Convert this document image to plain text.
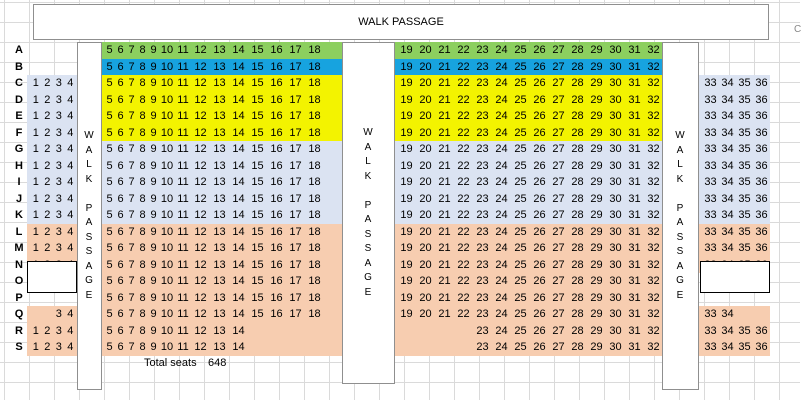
A	5 6 7 8 9 10 11 12 13 14 15 16 17 18	19 20 21 22 23 24 25 26 27 28 29 30 31 32
B	5 6 7 8 9 10 11 12 13 14 15 16 17 18	19 20 21 22 23 24 25 26 27 28 29 30 31 32
C 1 2 3 4	5 6 7 8 9 10 11 12 13 14 15 16 17 18	19 20 21 22 23 24 25 26 27 28 29 30 31 32	33 34 35 36
D 1 2 3 4	5 6 7 8 9 10 11 12 13 14 15 16 17 18	19 20 21 22 23 24 25 26 27 28 29 30 31 32	33 34 35 36
E 1 2 3 4	5 6 7 8 9 10 11 12 13 14 15 16 17 18	19 20 21 22 23 24 25 26 27 28 29 30 31 32	33 34 35 36
F 1 2 3 4	5 6 7 8 9 10 11 12 13 14 15 16 17 18	19 20 21 22 23 24 25 26 27 28 29 30 31 32	33 34 35 36
G 1 2 3 4	5 6 7 8 9 10 11 12 13 14 15 16 17 18	19 20 21 22 23 24 25 26 27 28 29 30 31 32	33 34 35 36
H 1 2 3 4	5 6 7 8 9 10 11 12 13 14 15 16 17 18	19 20 21 22 23 24 25 26 27 28 29 30 31 32	33 34 35 36
I	1 2 3 4	5 6 7 8 9 10 11 12 13 14 15 16 17 18	19 20 21 22 23 24 25 26 27 28 29 30 31 32	33 34 35 36
J 1 2 3 4	5 6 7 8 9 10 11 12 13 14 15 16 17 18	19 20 21 22 23 24 25 26 27 28 29 30 31 32	33 34 35 36
K 1 2 3 4	5 6 7 8 9 10 11 12 13 14 15 16 17 18	19 20 21 22 23 24 25 26 27 28 29 30 31 32	33 34 35 36
L 1 2 3 4	5 6 7 8 9 10 11 12 13 14 15 16 17 18	19 20 21 22 23 24 25 26 27 28 29 30 31 32	33 34 35 36
M 1 2 3 4	5 6 7 8 9 10 11 12 13 14 15 16 17 18	19 20 21 22 23 24 25 26 27 28 29 30 31 32	33 34 35 36
N	5 6 7 8 9 10 11 12 13 14 15 16 17 18	19 20 21 22 23 24 25 26 27 28 29 30 31 32
O	5 6 7 8 9 10 11 12 13 14 15 16 17 18	19 20 21 22 23 24 25 26 27 28 29 30 31 32
P	5 6 7 8 9 10 11 12 13 14 15 16 17 18	19 20 21 22 23 24 25 26 27 28 29 30 31 32
Q	3 4	5 6 7 8 9 10 11 12 13 14 15 16 17 18	19 20 21 22 23 24 25 26 27 28 29 30 31 32	33 34
R 1 2 3 4	5 6 7 8 9 10 11 12 13 14	23 24 25 26 27 28 29 30 31 32	33 34 35 36
S 1 2 3 4	5 6 7 8 9 10 11 12 13 14	23 24 25 26 27 28 29 30 31 32	33 34 35 36
WALK PASSAGE
W
A
L
K

P
A
S
S
A
G
E
W
A
L
K

P
A
S
S
A
G
E
W
A
L
K

P
A
S
S
A
G
E
Total seats 648
C
